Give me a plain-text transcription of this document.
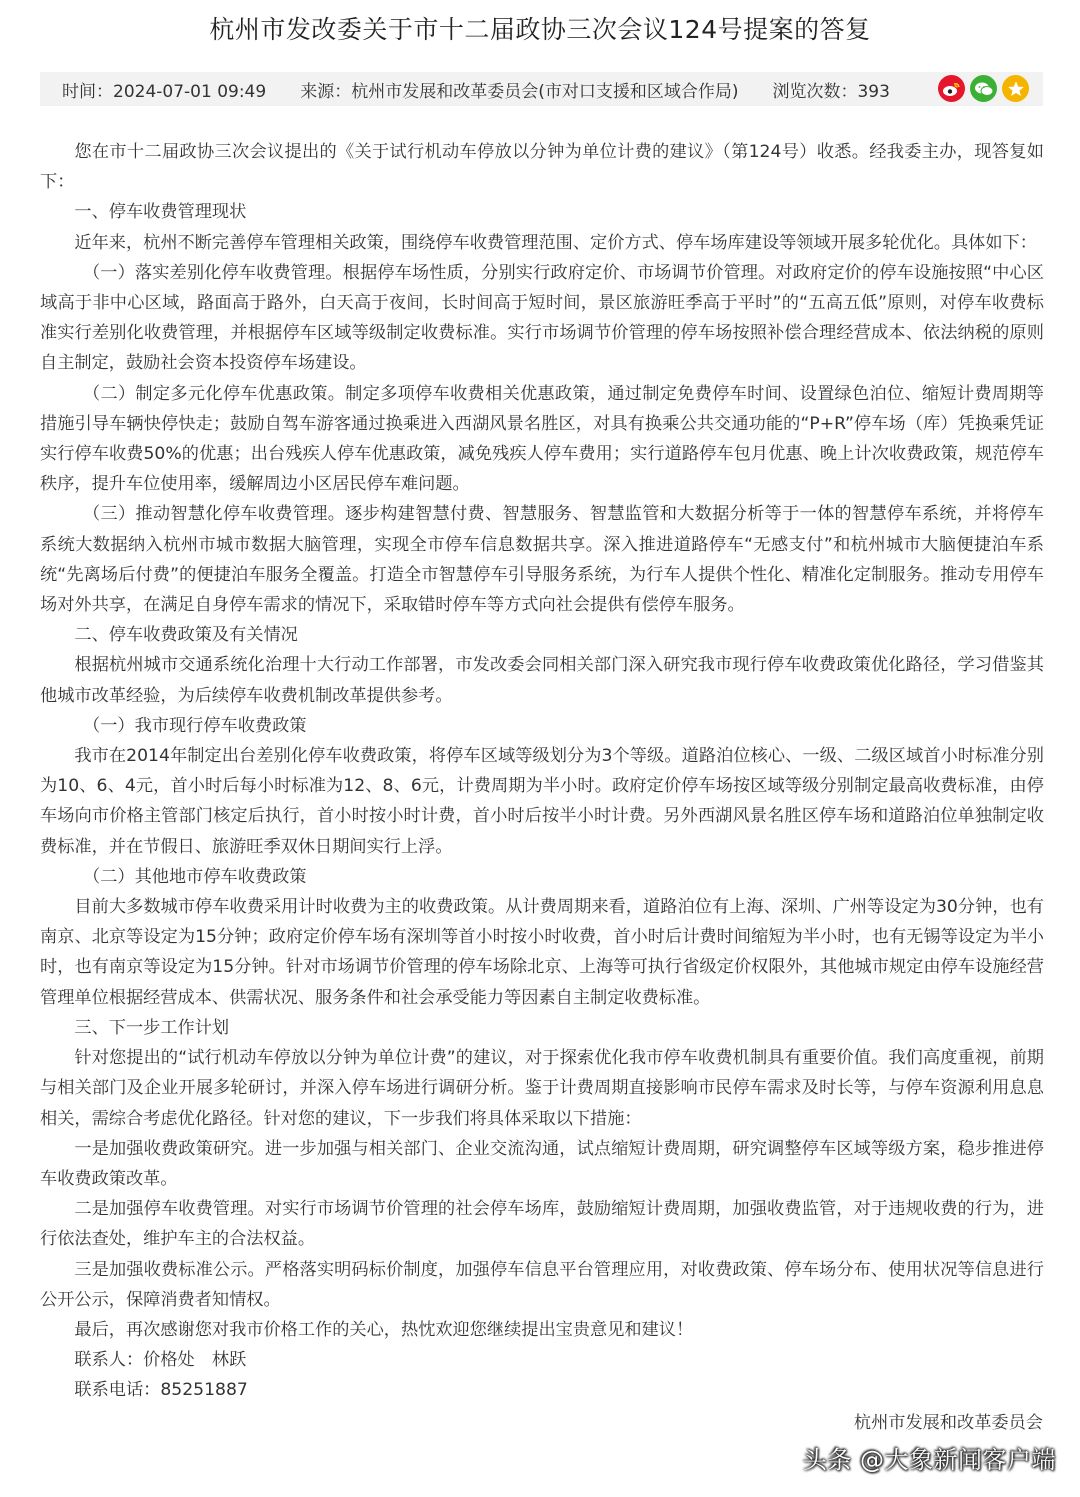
杭州市发改委关于市十二届政协三次会议124号提案的答复
时间：2024-07-01 09:49 来源：杭州市发展和改革委员会(市对口支援和区域合作局) 浏览次数：393

您在市十二届政协三次会议提出的《关于试行机动车停放以分钟为单位计费的建议》（第124号）收悉。经我委主办，现答复如下：

一、停车收费管理现状

近年来，杭州不断完善停车管理相关政策，围绕停车收费管理范围、定价方式、停车场库建设等领域开展多轮优化。具体如下：

（一）落实差别化停车收费管理。根据停车场性质，分别实行政府定价、市场调节价管理。对政府定价的停车设施按照“中心区域高于非中心区域，路面高于路外，白天高于夜间，长时间高于短时间，景区旅游旺季高于平时”的“五高五低”原则，对停车收费标准实行差别化收费管理，并根据停车区域等级制定收费标准。实行市场调节价管理的停车场按照补偿合理经营成本、依法纳税的原则自主制定，鼓励社会资本投资停车场建设。

（二）制定多元化停车优惠政策。制定多项停车收费相关优惠政策，通过制定免费停车时间、设置绿色泊位、缩短计费周期等措施引导车辆快停快走；鼓励自驾车游客通过换乘进入西湖风景名胜区，对具有换乘公共交通功能的“P+R”停车场（库）凭换乘凭证实行停车收费50%的优惠；出台残疾人停车优惠政策，减免残疾人停车费用；实行道路停车包月优惠、晚上计次收费政策，规范停车秩序，提升车位使用率，缓解周边小区居民停车难问题。

（三）推动智慧化停车收费管理。逐步构建智慧付费、智慧服务、智慧监管和大数据分析等于一体的智慧停车系统，并将停车系统大数据纳入杭州市城市数据大脑管理，实现全市停车信息数据共享。深入推进道路停车“无感支付”和杭州城市大脑便捷泊车系统“先离场后付费”的便捷泊车服务全覆盖。打造全市智慧停车引导服务系统，为行车人提供个性化、精准化定制服务。推动专用停车场对外共享，在满足自身停车需求的情况下，采取错时停车等方式向社会提供有偿停车服务。

二、停车收费政策及有关情况

根据杭州城市交通系统化治理十大行动工作部署，市发改委会同相关部门深入研究我市现行停车收费政策优化路径，学习借鉴其他城市改革经验，为后续停车收费机制改革提供参考。

（一）我市现行停车收费政策

我市在2014年制定出台差别化停车收费政策，将停车区域等级划分为3个等级。道路泊位核心、一级、二级区域首小时标准分别为10、6、4元，首小时后每小时标准为12、8、6元，计费周期为半小时。政府定价停车场按区域等级分别制定最高收费标准，由停车场向市价格主管部门核定后执行，首小时按小时计费，首小时后按半小时计费。另外西湖风景名胜区停车场和道路泊位单独制定收费标准，并在节假日、旅游旺季双休日期间实行上浮。

（二）其他地市停车收费政策

目前大多数城市停车收费采用计时收费为主的收费政策。从计费周期来看，道路泊位有上海、深圳、广州等设定为30分钟，也有南京、北京等设定为15分钟；政府定价停车场有深圳等首小时按小时收费，首小时后计费时间缩短为半小时，也有无锡等设定为半小时，也有南京等设定为15分钟。针对市场调节价管理的停车场除北京、上海等可执行省级定价权限外，其他城市规定由停车设施经营管理单位根据经营成本、供需状况、服务条件和社会承受能力等因素自主制定收费标准。

三、下一步工作计划

针对您提出的“试行机动车停放以分钟为单位计费”的建议，对于探索优化我市停车收费机制具有重要价值。我们高度重视，前期与相关部门及企业开展多轮研讨，并深入停车场进行调研分析。鉴于计费周期直接影响市民停车需求及时长等，与停车资源利用息息相关，需综合考虑优化路径。针对您的建议，下一步我们将具体采取以下措施：

一是加强收费政策研究。进一步加强与相关部门、企业交流沟通，试点缩短计费周期，研究调整停车区域等级方案，稳步推进停车收费政策改革。

二是加强停车收费管理。对实行市场调节价管理的社会停车场库，鼓励缩短计费周期，加强收费监管，对于违规收费的行为，进行依法查处，维护车主的合法权益。

三是加强收费标准公示。严格落实明码标价制度，加强停车信息平台管理应用，对收费政策、停车场分布、使用状况等信息进行公开公示，保障消费者知情权。

最后，再次感谢您对我市价格工作的关心，热忱欢迎您继续提出宝贵意见和建议！

联系人：价格处　林跃

联系电话：85251887

杭州市发展和改革委员会
头条 @大象新闻客户端
